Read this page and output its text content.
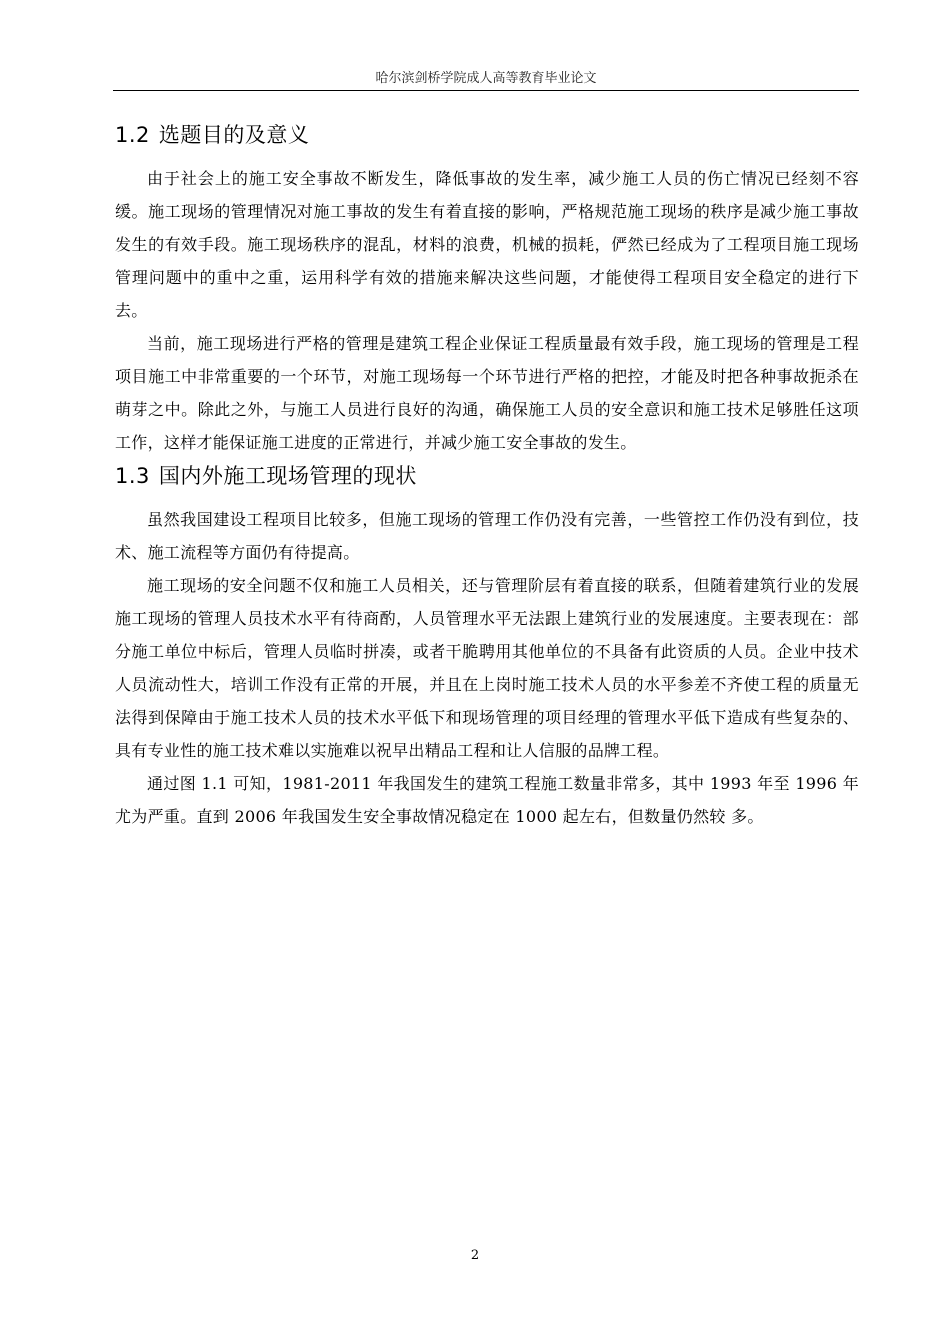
哈尔滨剑桥学院成人高等教育毕业论文
1.2 选题目的及意义

由于社会上的施工安全事故不断发生，降低事故的发生率，减少施工人员的伤亡情况已经刻不容缓。施工现场的管理情况对施工事故的发生有着直接的影响，严格规范施工现场的秩序是减少施工事故发生的有效手段。施工现场秩序的混乱，材料的浪费，机械的损耗，俨然已经成为了工程项目施工现场管理问题中的重中之重，运用科学有效的措施来解决这些问题，才能使得工程项目安全稳定的进行下去。

当前，施工现场进行严格的管理是建筑工程企业保证工程质量最有效手段，施工现场的管理是工程项目施工中非常重要的一个环节，对施工现场每一个环节进行严格的把控，才能及时把各种事故扼杀在萌芽之中。除此之外，与施工人员进行良好的沟通，确保施工人员的安全意识和施工技术足够胜任这项工作，这样才能保证施工进度的正常进行，并减少施工安全事故的发生。

1.3 国内外施工现场管理的现状

虽然我国建设工程项目比较多，但施工现场的管理工作仍没有完善，一些管控工作仍没有到位，技术、施工流程等方面仍有待提高。

施工现场的安全问题不仅和施工人员相关，还与管理阶层有着直接的联系，但随着建筑行业的发展施工现场的管理人员技术水平有待商酌，人员管理水平无法跟上建筑行业的发展速度。主要表现在：部分施工单位中标后，管理人员临时拼凑，或者干脆聘用其他单位的不具备有此资质的人员。企业中技术人员流动性大，培训工作没有正常的开展，并且在上岗时施工技术人员的水平参差不齐使工程的质量无法得到保障由于施工技术人员的技术水平低下和现场管理的项目经理的管理水平低下造成有些复杂的、具有专业性的施工技术难以实施难以祝早出精品工程和让人信服的品牌工程。

通过图 1.1 可知，1981-2011 年我国发生的建筑工程施工数量非常多，其中 1993 年至 1996 年尤为严重。直到 2006 年我国发生安全事故情况稳定在 1000 起左右，但数量仍然较 多。

2
